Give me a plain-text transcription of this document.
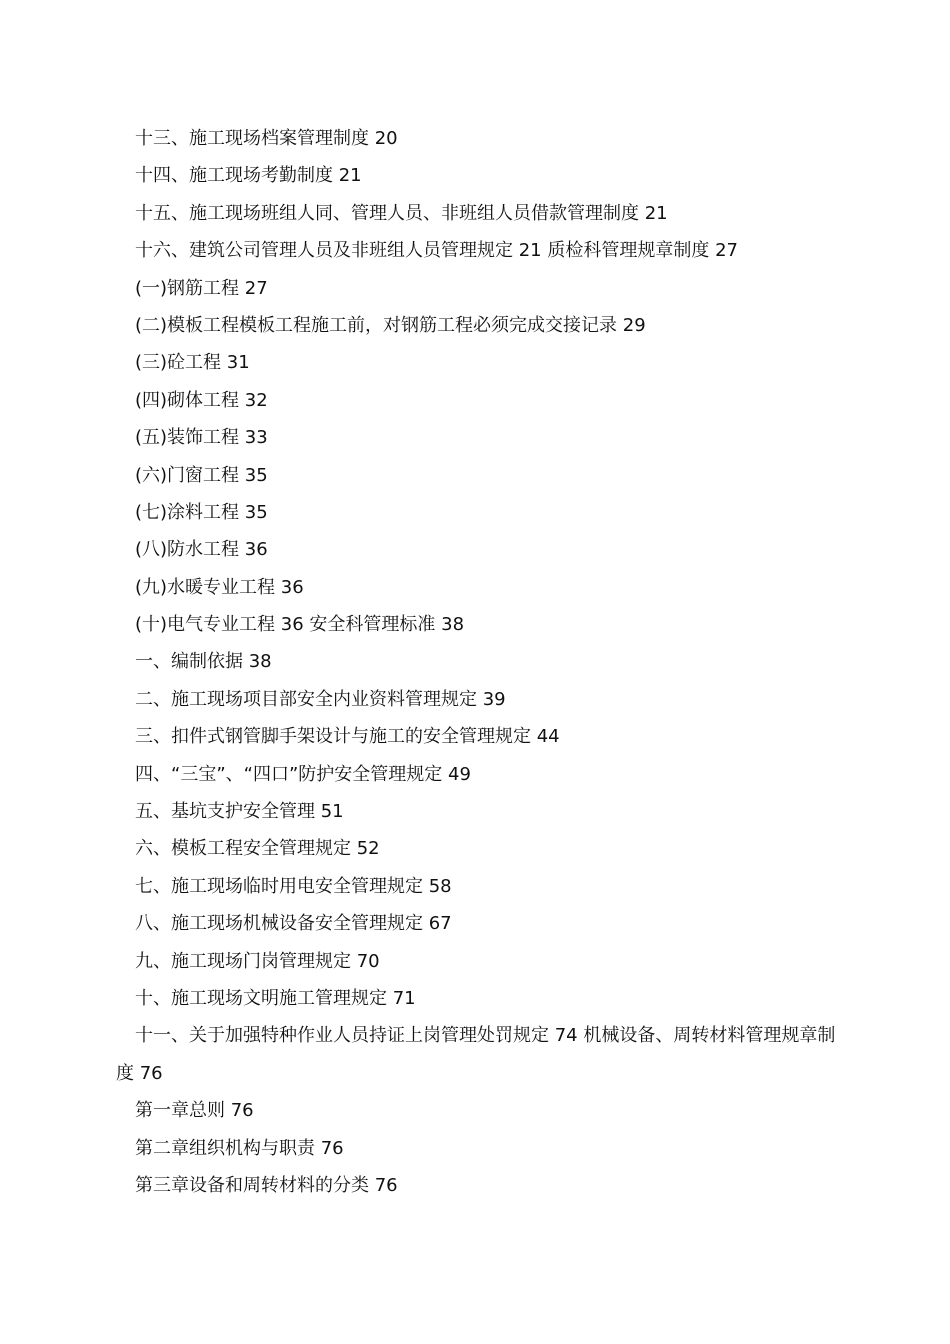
十三、施工现场档案管理制度 20
十四、施工现场考勤制度 21
十五、施工现场班组人同、管理人员、非班组人员借款管理制度 21
十六、建筑公司管理人员及非班组人员管理规定 21 质检科管理规章制度 27
(一)钢筋工程 27
(二)模板工程模板工程施工前，对钢筋工程必须完成交接记录 29
(三)砼工程 31
(四)砌体工程 32
(五)装饰工程 33
(六)门窗工程 35
(七)涂料工程 35
(八)防水工程 36
(九)水暖专业工程 36
(十)电气专业工程 36 安全科管理标准 38
一、编制依据 38
二、施工现场项目部安全内业资料管理规定 39
三、扣件式钢管脚手架设计与施工的安全管理规定 44
四、“三宝”、“四口”防护安全管理规定 49
五、基坑支护安全管理 51
六、模板工程安全管理规定 52
七、施工现场临时用电安全管理规定 58
八、施工现场机械设备安全管理规定 67
九、施工现场门岗管理规定 70
十、施工现场文明施工管理规定 71
十一、关于加强特种作业人员持证上岗管理处罚规定 74 机械设备、周转材料管理规章制度 76
第一章总则 76
第二章组织机构与职责 76
第三章设备和周转材料的分类 76
